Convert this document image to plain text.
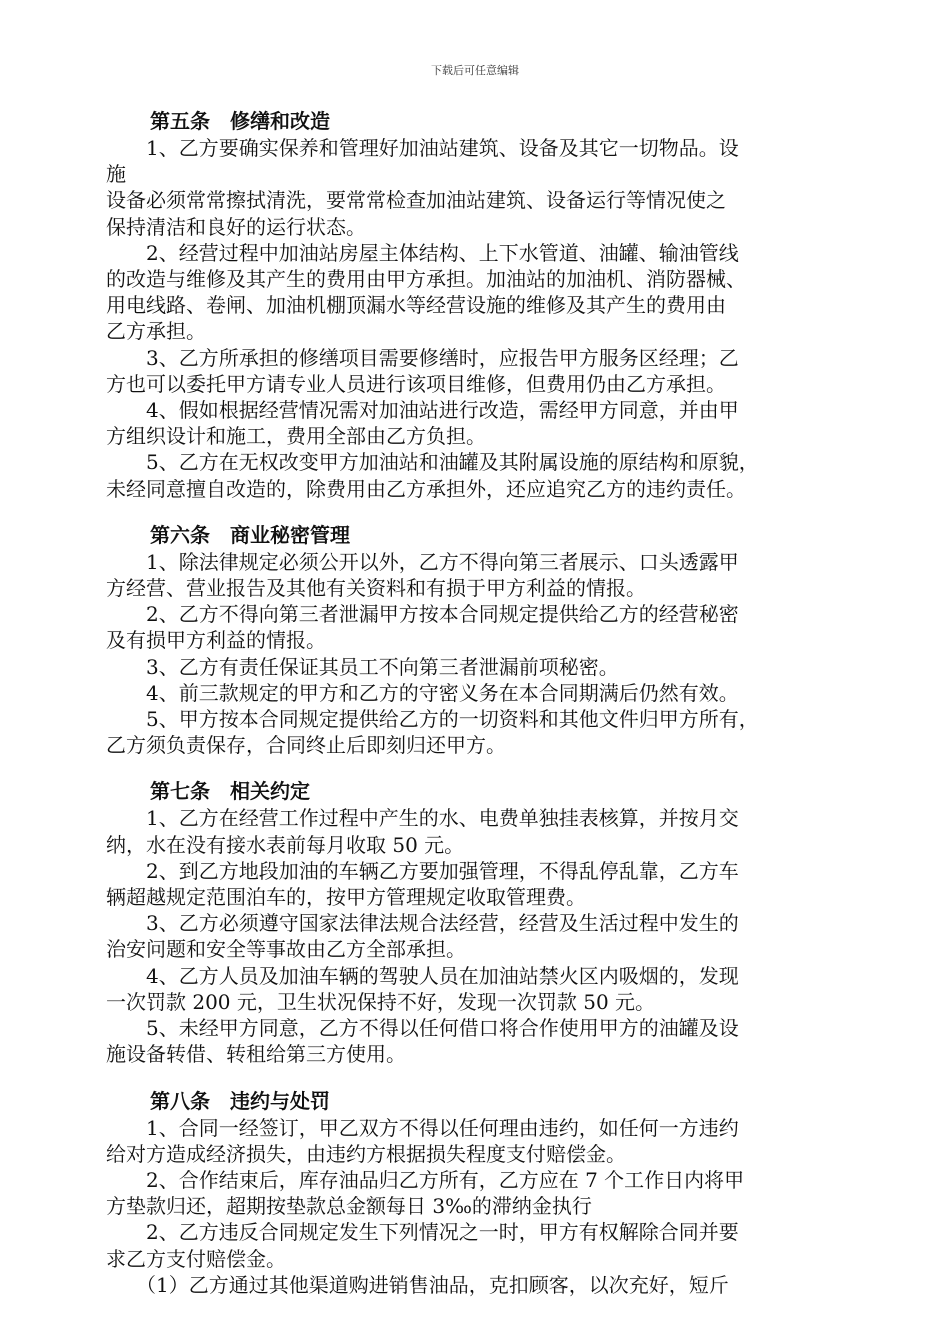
下载后可任意编辑

第五条　修缮和改造

　　1、乙方要确实保养和管理好加油站建筑、设备及其它一切物品。设
施
设备必须常常擦拭清洗，要常常检查加油站建筑、设备运行等情况使之
保持清洁和良好的运行状态。

　　2、经营过程中加油站房屋主体结构、上下水管道、油罐、输油管线
的改造与维修及其产生的费用由甲方承担。加油站的加油机、消防器械、
用电线路、卷闸、加油机棚顶漏水等经营设施的维修及其产生的费用由
乙方承担。

　　3、乙方所承担的修缮项目需要修缮时，应报告甲方服务区经理；乙
方也可以委托甲方请专业人员进行该项目维修，但费用仍由乙方承担。

　　4、假如根据经营情况需对加油站进行改造，需经甲方同意，并由甲
方组织设计和施工，费用全部由乙方负担。

　　5、乙方在无权改变甲方加油站和油罐及其附属设施的原结构和原貌，
未经同意擅自改造的，除费用由乙方承担外，还应追究乙方的违约责任。

第六条　商业秘密管理

　　1、除法律规定必须公开以外，乙方不得向第三者展示、口头透露甲
方经营、营业报告及其他有关资料和有损于甲方利益的情报。

　　2、乙方不得向第三者泄漏甲方按本合同规定提供给乙方的经营秘密
及有损甲方利益的情报。

　　3、乙方有责任保证其员工不向第三者泄漏前项秘密。

　　4、前三款规定的甲方和乙方的守密义务在本合同期满后仍然有效。

　　5、甲方按本合同规定提供给乙方的一切资料和其他文件归甲方所有，
乙方须负责保存，合同终止后即刻归还甲方。

第七条　相关约定

　　1、乙方在经营工作过程中产生的水、电费单独挂表核算，并按月交
纳，水在没有接水表前每月收取 50 元。

　　2、到乙方地段加油的车辆乙方要加强管理，不得乱停乱靠，乙方车
辆超越规定范围泊车的，按甲方管理规定收取管理费。

　　3、乙方必须遵守国家法律法规合法经营，经营及生活过程中发生的
治安问题和安全等事故由乙方全部承担。

　　4、乙方人员及加油车辆的驾驶人员在加油站禁火区内吸烟的，发现
一次罚款 200 元，卫生状况保持不好，发现一次罚款 50 元。

　　5、未经甲方同意，乙方不得以任何借口将合作使用甲方的油罐及设
施设备转借、转租给第三方使用。

第八条　违约与处罚

　　1、合同一经签订，甲乙双方不得以任何理由违约，如任何一方违约
给对方造成经济损失，由违约方根据损失程度支付赔偿金。

　　2、合作结束后，库存油品归乙方所有，乙方应在 7 个工作日内将甲
方垫款归还，超期按垫款总金额每日 3‰的滞纳金执行

　　2、乙方违反合同规定发生下列情况之一时，甲方有权解除合同并要
求乙方支付赔偿金。

　　（1）乙方通过其他渠道购进销售油品，克扣顾客，以次充好，短斤
